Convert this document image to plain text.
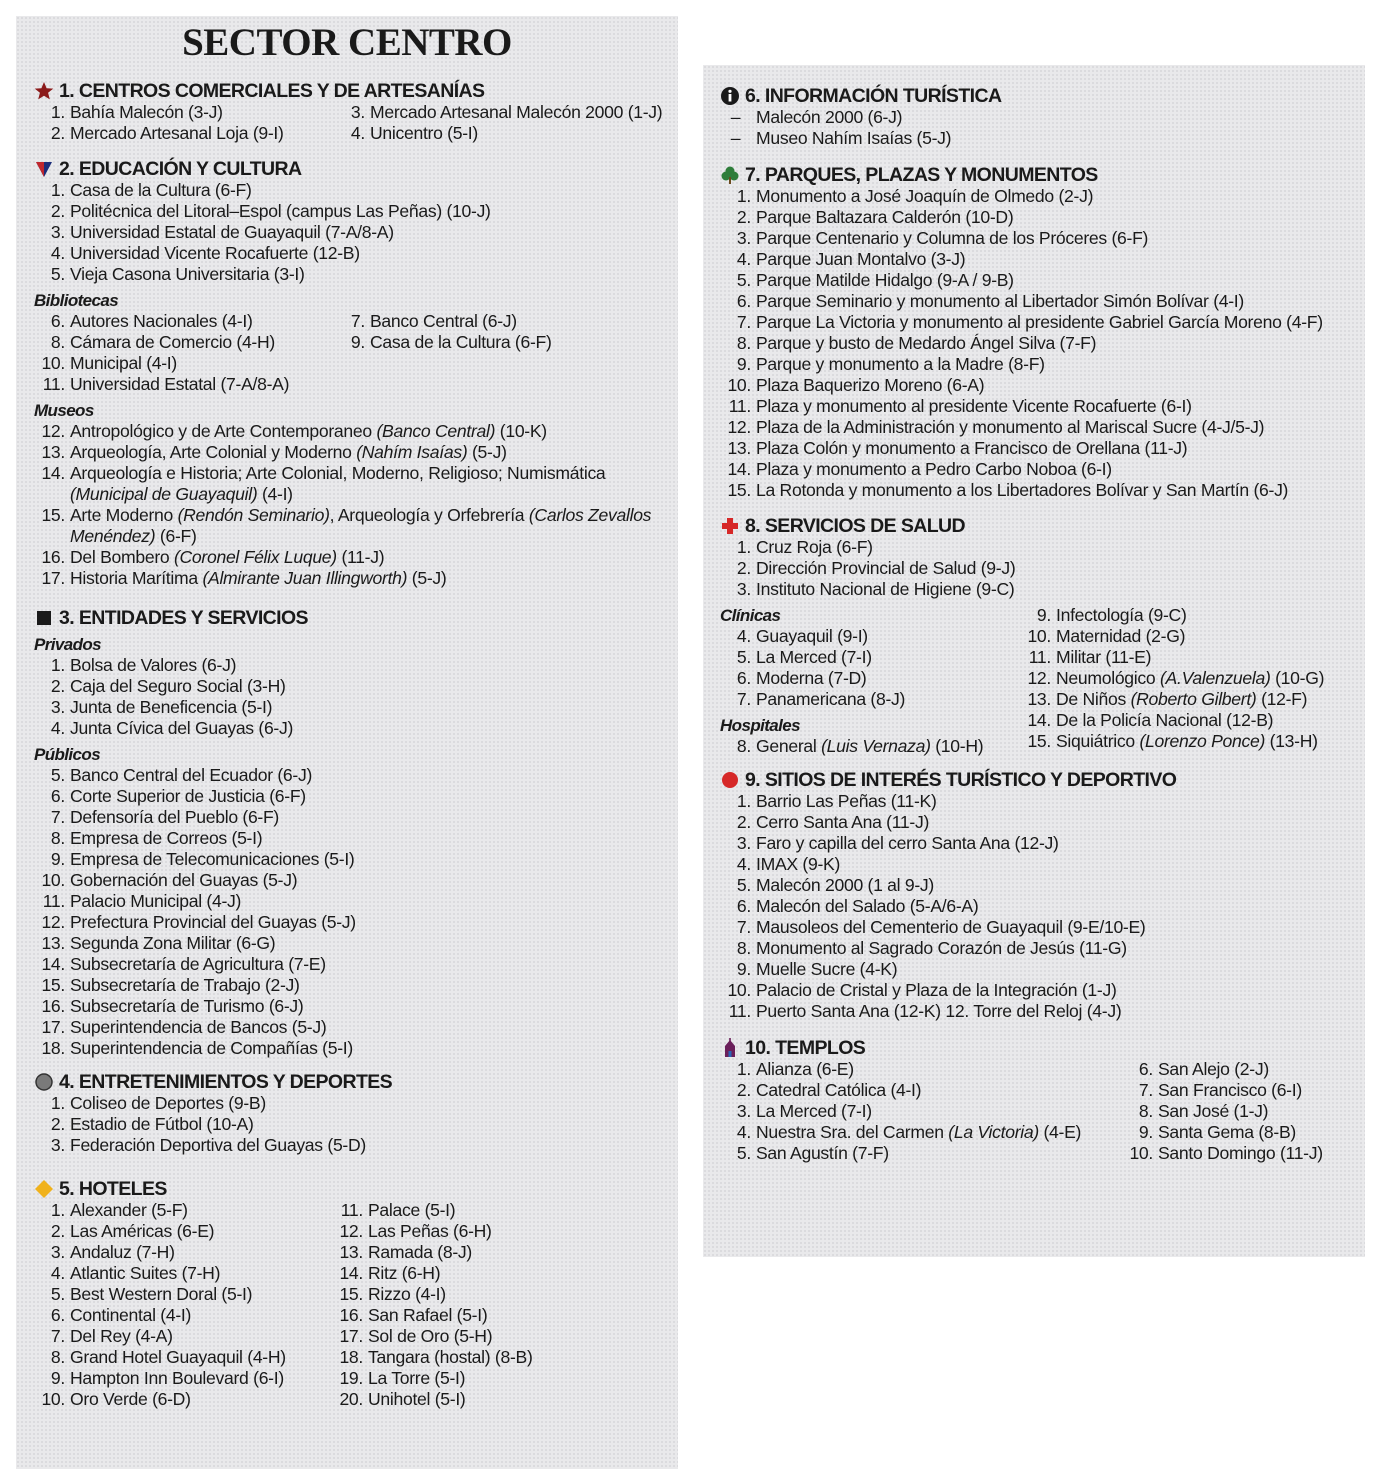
SECTOR CENTRO
1. CENTROS COMERCIALES Y DE ARTESANÍAS
1. Bahía Malecón (3-J)
2. Mercado Artesanal Loja (9-I)
3. Mercado Artesanal Malecón 2000 (1-J)
4. Unicentro (5-I)
2. EDUCACIÓN Y CULTURA
1. Casa de la Cultura (6-F)
2. Politécnica del Litoral–Espol (campus Las Peñas) (10-J)
3. Universidad Estatal de Guayaquil (7-A/8-A)
4. Universidad Vicente Rocafuerte (12-B)
5. Vieja Casona Universitaria (3-I)
Bibliotecas
6. Autores Nacionales (4-I)
8. Cámara de Comercio (4-H)
7. Banco Central (6-J)
9. Casa de la Cultura (6-F)
10. Municipal (4-I)
11. Universidad Estatal (7-A/8-A)
Museos
12. Antropológico y de Arte Contemporaneo (Banco Central) (10-K)
13. Arqueología, Arte Colonial y Moderno (Nahím Isaías) (5-J)
14. Arqueología e Historia; Arte Colonial, Moderno, Religioso; Numismática (Municipal de Guayaquil) (4-I)
15. Arte Moderno (Rendón Seminario), Arqueología y Orfebrería (Carlos Zevallos Menéndez) (6-F)
16. Del Bombero (Coronel Félix Luque) (11-J)
17. Historia Marítima (Almirante Juan Illingworth) (5-J)
3. ENTIDADES Y SERVICIOS
Privados
1. Bolsa de Valores (6-J)
2. Caja del Seguro Social (3-H)
3. Junta de Beneficencia (5-I)
4. Junta Cívica del Guayas (6-J)
Públicos
5. Banco Central del Ecuador (6-J)
6. Corte Superior de Justicia (6-F)
7. Defensoría del Pueblo (6-F)
8. Empresa de Correos (5-I)
9. Empresa de Telecomunicaciones (5-I)
10. Gobernación del Guayas (5-J)
11. Palacio Municipal (4-J)
12. Prefectura Provincial del Guayas (5-J)
13. Segunda Zona Militar (6-G)
14. Subsecretaría de Agricultura (7-E)
15. Subsecretaría de Trabajo (2-J)
16. Subsecretaría de Turismo (6-J)
17. Superintendencia de Bancos (5-J)
18. Superintendencia de Compañías (5-I)
4. ENTRETENIMIENTOS Y DEPORTES
1. Coliseo de Deportes (9-B)
2. Estadio de Fútbol (10-A)
3. Federación Deportiva del Guayas (5-D)
5. HOTELES
1. Alexander (5-F)
2. Las Américas (6-E)
3. Andaluz (7-H)
4. Atlantic Suites (7-H)
5. Best Western Doral (5-I)
6. Continental (4-I)
7. Del Rey (4-A)
8. Grand Hotel Guayaquil (4-H)
9. Hampton Inn Boulevard (6-I)
10. Oro Verde (6-D)
11. Palace (5-I)
12. Las Peñas (6-H)
13. Ramada (8-J)
14. Ritz (6-H)
15. Rizzo (4-I)
16. San Rafael (5-I)
17. Sol de Oro (5-H)
18. Tangara (hostal) (8-B)
19. La Torre (5-I)
20. Unihotel (5-I)
6. INFORMACIÓN TURÍSTICA
– Malecón 2000 (6-J)
– Museo Nahím Isaías (5-J)
7. PARQUES, PLAZAS Y MONUMENTOS
1. Monumento a José Joaquín de Olmedo (2-J)
2. Parque Baltazara Calderón (10-D)
3. Parque Centenario y Columna de los Próceres (6-F)
4. Parque Juan Montalvo (3-J)
5. Parque Matilde Hidalgo (9-A / 9-B)
6. Parque Seminario y monumento al Libertador Simón Bolívar (4-I)
7. Parque La Victoria y monumento al presidente Gabriel García Moreno (4-F)
8. Parque y busto de Medardo Ángel Silva (7-F)
9. Parque y monumento a la Madre (8-F)
10. Plaza Baquerizo Moreno (6-A)
11. Plaza y monumento al presidente Vicente Rocafuerte (6-I)
12. Plaza de la Administración y monumento al Mariscal Sucre (4-J/5-J)
13. Plaza Colón y monumento a Francisco de Orellana (11-J)
14. Plaza y monumento a Pedro Carbo Noboa (6-I)
15. La Rotonda y monumento a los Libertadores Bolívar y San Martín (6-J)
8. SERVICIOS DE SALUD
1. Cruz Roja (6-F)
2. Dirección Provincial de Salud (9-J)
3. Instituto Nacional de Higiene (9-C)
Clínicas
4. Guayaquil (9-I)
5. La Merced (7-I)
6. Moderna (7-D)
7. Panamericana (8-J)
Hospitales
8. General (Luis Vernaza) (10-H)
9. Infectología (9-C)
10. Maternidad (2-G)
11. Militar (11-E)
12. Neumológico (A.Valenzuela) (10-G)
13. De Niños (Roberto Gilbert) (12-F)
14. De la Policía Nacional (12-B)
15. Siquiátrico (Lorenzo Ponce) (13-H)
9. SITIOS DE INTERÉS TURÍSTICO Y DEPORTIVO
1. Barrio Las Peñas (11-K)
2. Cerro Santa Ana (11-J)
3. Faro y capilla del cerro Santa Ana (12-J)
4. IMAX (9-K)
5. Malecón 2000 (1 al 9-J)
6. Malecón del Salado (5-A/6-A)
7. Mausoleos del Cementerio de Guayaquil (9-E/10-E)
8. Monumento al Sagrado Corazón de Jesús (11-G)
9. Muelle Sucre (4-K)
10. Palacio de Cristal y Plaza de la Integración (1-J)
11. Puerto Santa Ana (12-K) 12. Torre del Reloj (4-J)
10. TEMPLOS
1. Alianza (6-E)
2. Catedral Católica (4-I)
3. La Merced (7-I)
4. Nuestra Sra. del Carmen (La Victoria) (4-E)
5. San Agustín (7-F)
6. San Alejo (2-J)
7. San Francisco (6-I)
8. San José (1-J)
9. Santa Gema (8-B)
10. Santo Domingo (11-J)
